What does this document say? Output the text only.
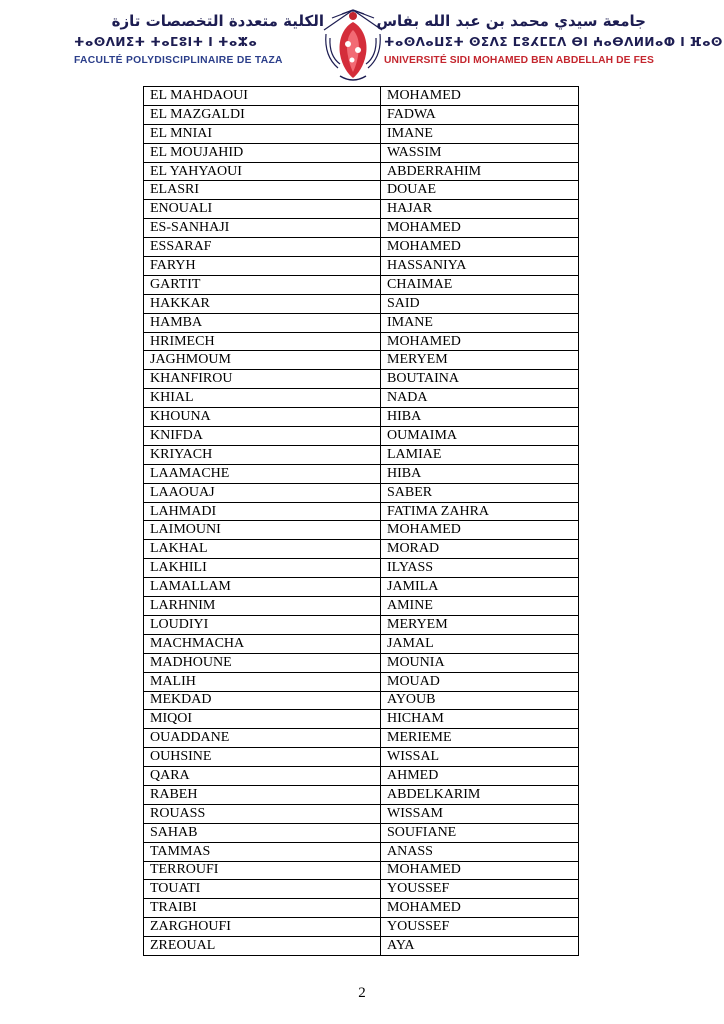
الكلية متعددة التخصصات تازة
ⵜⴰⵙⴷⵍⵉⵜ ⵜⴰⵎⵓⵏⵜ ⵏ ⵜⴰⵣⴰ
FACULTÉ POLYDISCIPLINAIRE DE TAZA
جامعة سيدي محمد بن عبد الله بفاس
ⵜⴰⵙⴷⴰⵡⵉⵜ ⵙⵉⴷⵉ ⵎⵓⵃⵎⵎⴷ ⴱⵏ ⵄⴰⴱⴷⵍⵍⴰⵀ ⵏ ⴼⴰⵙ
UNIVERSITÉ SIDI MOHAMED BEN ABDELLAH DE FES
EL MAHDAOUI	MOHAMED
EL MAZGALDI	FADWA
EL MNIAI	IMANE
EL MOUJAHID	WASSIM
EL YAHYAOUI	ABDERRAHIM
ELASRI	DOUAE
ENOUALI	HAJAR
ES-SANHAJI	MOHAMED
ESSARAF	MOHAMED
FARYH	HASSANIYA
GARTIT	CHAIMAE
HAKKAR	SAID
HAMBA	IMANE
HRIMECH	MOHAMED
JAGHMOUM	MERYEM
KHANFIROU	BOUTAINA
KHIAL	NADA
KHOUNA	HIBA
KNIFDA	OUMAIMA
KRIYACH	LAMIAE
LAAMACHE	HIBA
LAAOUAJ	SABER
LAHMADI	FATIMA ZAHRA
LAIMOUNI	MOHAMED
LAKHAL	MORAD
LAKHILI	ILYASS
LAMALLAM	JAMILA
LARHNIM	AMINE
LOUDIYI	MERYEM
MACHMACHA	JAMAL
MADHOUNE	MOUNIA
MALIH	MOUAD
MEKDAD	AYOUB
MIQOI	HICHAM
OUADDANE	MERIEME
OUHSINE	WISSAL
QARA	AHMED
RABEH	ABDELKARIM
ROUASS	WISSAM
SAHAB	SOUFIANE
TAMMAS	ANASS
TERROUFI	MOHAMED
TOUATI	YOUSSEF
TRAIBI	MOHAMED
ZARGHOUFI	YOUSSEF
ZREOUAL	AYA
2
